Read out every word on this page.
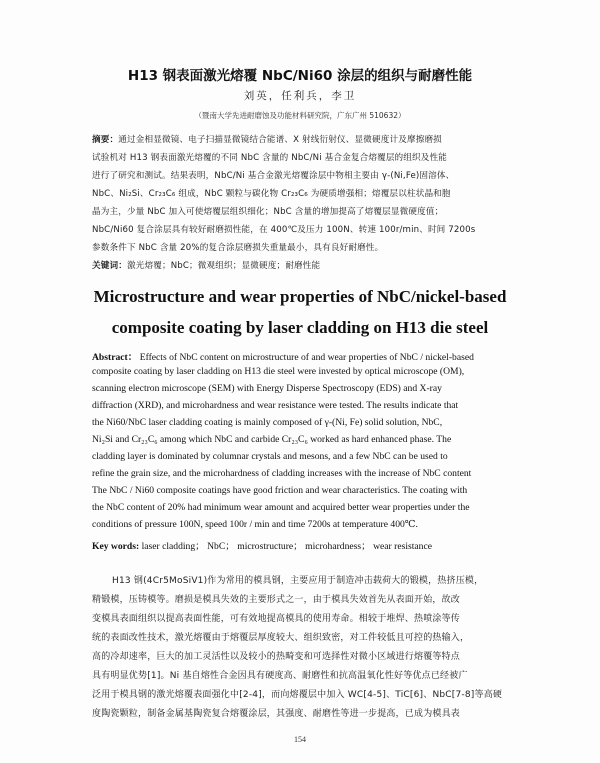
H13 钢表面激光熔覆 NbC/Ni60 涂层的组织与耐磨性能
刘英，任利兵，李卫
（暨南大学先进耐磨蚀及功能材料研究院，广东广州 510632）
摘要：通过金相显微镜、电子扫描显微镜结合能谱、X 射线衍射仪、显微硬度计及摩擦磨损
试验机对 H13 钢表面激光熔覆的不同 NbC 含量的 NbC/Ni 基合金复合熔覆层的组织及性能
进行了研究和测试。结果表明，NbC/Ni 基合金激光熔覆涂层中物相主要由 γ-(Ni,Fe)固溶体、
NbC、Ni₂Si、Cr₂₃C₆ 组成，NbC 颗粒与碳化物 Cr₂₃C₆ 为硬质增强相；熔覆层以柱状晶和胞
晶为主，少量 NbC 加入可使熔覆层组织细化；NbC 含量的增加提高了熔覆层显微硬度值；
NbC/Ni60 复合涂层具有较好耐磨损性能，在 400℃及压力 100N、转速 100r/min、时间 7200s
参数条件下 NbC 含量 20%的复合涂层磨损失重量最小，具有良好耐磨性。
关键词：激光熔覆；NbC；微观组织；显微硬度；耐磨性能
Microstructure and wear properties of NbC/nickel-based
composite coating by laser cladding on H13 die steel
Abstract： Effects of NbC content on microstructure of and wear properties of NbC / nickel-based
composite coating by laser cladding on H13 die steel were invested by optical microscope (OM),
scanning electron microscope (SEM) with Energy Disperse Spectroscopy (EDS) and X-ray
diffraction (XRD), and microhardness and wear resistance were tested. The results indicate that
the Ni60/NbC laser cladding coating is mainly composed of γ-(Ni, Fe) solid solution, NbC,
Ni₂Si and Cr₂₃C₆ among which NbC and carbide Cr₂₃C₆ worked as hard enhanced phase. The
cladding layer is dominated by columnar crystals and mesons, and a few NbC can be used to
refine the grain size, and the microhardness of cladding increases with the increase of NbC content
The NbC / Ni60 composite coatings have good friction and wear characteristics. The coating with
the NbC content of 20% had minimum wear amount and acquired better wear properties under the
conditions of pressure 100N, speed 100r / min and time 7200s at temperature 400℃.
Key words: laser cladding； NbC； microstructure； microhardness； wear resistance
H13 钢(4Cr5MoSiV1)作为常用的模具钢，主要应用于制造冲击载荷大的锻模，热挤压模，
精锻模，压铸模等。磨损是模具失效的主要形式之一，由于模具失效首先从表面开始，故改
变模具表面组织以提高表面性能，可有效地提高模具的使用寿命。相较于堆焊、热喷涂等传
统的表面改性技术，激光熔覆由于熔覆层厚度较大、组织致密，对工件较低且可控的热输入，
高的冷却速率，巨大的加工灵活性以及较小的热畸变和可选择性对微小区域进行熔覆等特点
具有明显优势[1]。Ni 基自熔性合金因具有硬度高、耐磨性和抗高温氧化性好等优点已经被广
泛用于模具钢的激光熔覆表面强化中[2-4]，而向熔覆层中加入 WC[4-5]、TiC[6]、NbC[7-8]等高硬
度陶瓷颗粒，制备金属基陶瓷复合熔覆涂层，其强度、耐磨性等进一步提高，已成为模具表
154
